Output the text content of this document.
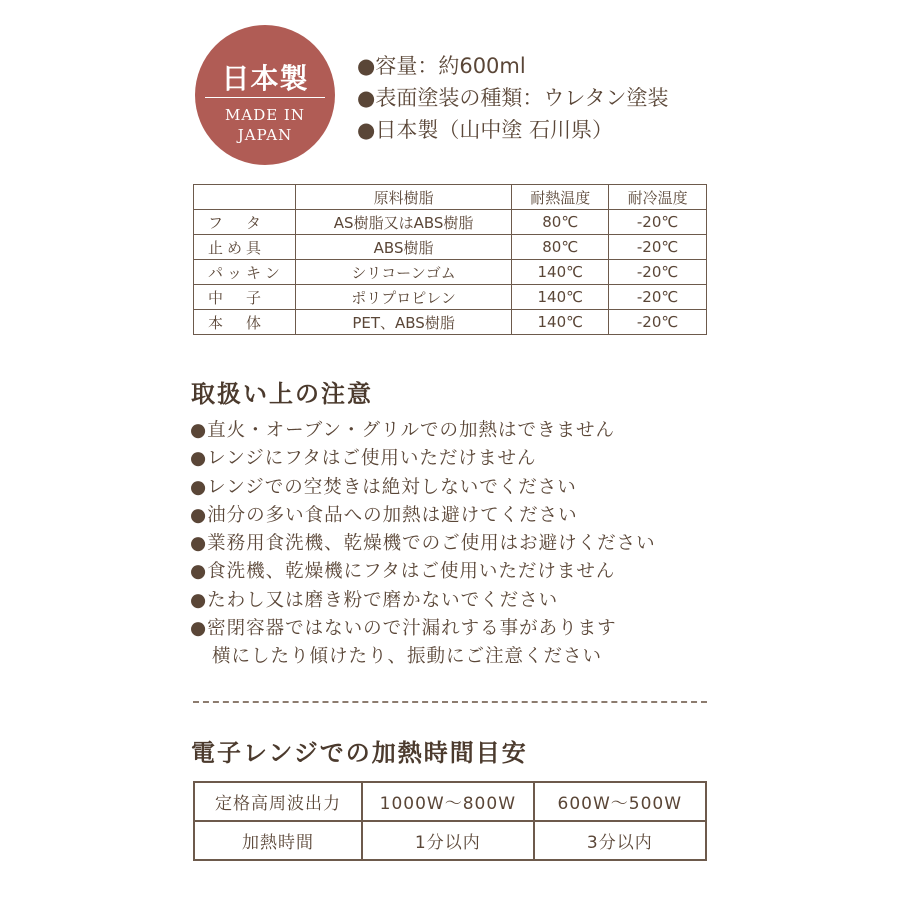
日本製
MADE IN
JAPAN
●容量：約600ml
●表面塗装の種類：ウレタン塗装
●日本製（山中塗 石川県）
	原料樹脂	耐熱温度	耐冷温度
フ　タ	AS樹脂又はABS樹脂	80℃	-20℃
止め具	ABS樹脂	80℃	-20℃
パッキン	シリコーンゴム	140℃	-20℃
中　子	ポリプロピレン	140℃	-20℃
本　体	PET、ABS樹脂	140℃	-20℃
取扱い上の注意
●直火・オーブン・グリルでの加熱はできません
●レンジにフタはご使用いただけません
●レンジでの空焚きは絶対しないでください
●油分の多い食品への加熱は避けてください
●業務用食洗機、乾燥機でのご使用はお避けください
●食洗機、乾燥機にフタはご使用いただけません
●たわし又は磨き粉で磨かないでください
●密閉容器ではないので汁漏れする事があります
横にしたり傾けたり、振動にご注意ください
電子レンジでの加熱時間目安
定格高周波出力	1000W〜800W	600W〜500W
加熱時間	1分以内	3分以内
